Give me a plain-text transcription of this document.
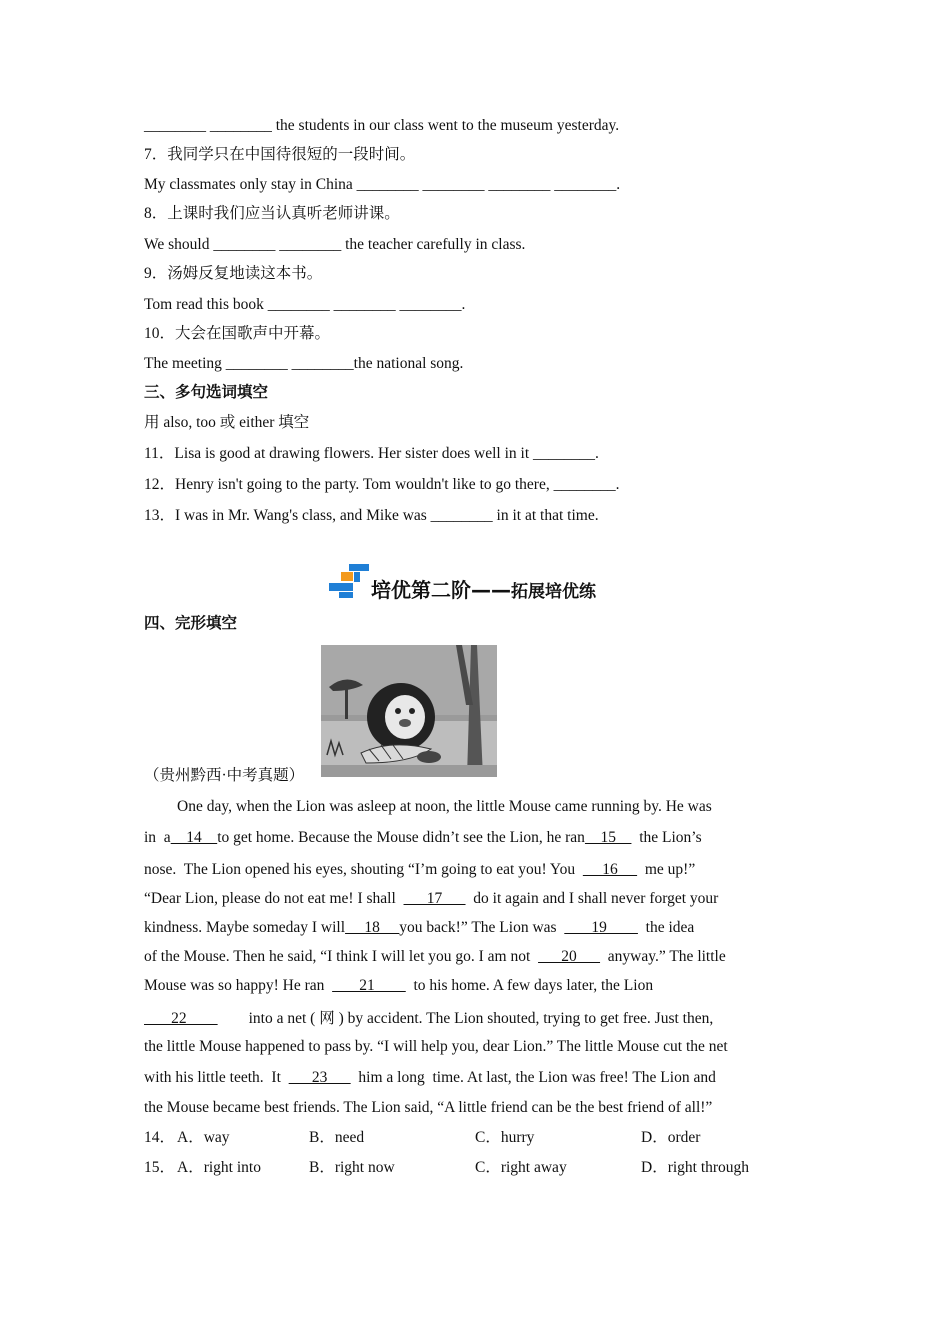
________ ________ the students in our class went to the museum yesterday.
7．我同学只在中国待很短的一段时间。
My classmates only stay in China ________ ________ ________ ________.
8．上课时我们应当认真听老师讲课。
We should ________ ________ the teacher carefully in class.
9．汤姆反复地读这本书。
Tom read this book ________ ________ ________.
10．大会在国歌声中开幕。
The meeting ________ ________the national song.
三、多句选词填空
用 also, too 或 either 填空
11．Lisa is good at drawing flowers. Her sister does well in it ________.
12．Henry isn't going to the party. Tom wouldn't like to go there, ________.
13．I was in Mr. Wang's class, and Mike was ________ in it at that time.
培优第二阶——拓展培优练
四、完形填空
（贵州黔西·中考真题）
One day, when the Lion was asleep at noon, the little Mouse came running by. He was
in  a    14    to get home. Because the Mouse didn’t see the Lion, he ran    15      the Lion’s
nose.  The Lion opened his eyes, shouting “I’m going to eat you! You       16       me up!”
“Dear Lion, please do not eat me! I shall        17        do it again and I shall never forget your
kindness. Maybe someday I will     18     you back!” The Lion was         19          the idea
of the Mouse. Then he said, “I think I will let you go. I am not        20        anyway.” The little
Mouse was so happy! He ran         21          to his home. A few days later, the Lion
22                into a net ( 网 ) by accident. The Lion shouted, trying to get free. Just then,
the little Mouse happened to pass by. “I will help you, dear Lion.” The little Mouse cut the net
with his little teeth.  It        23        him a long  time. At last, the Lion was free! The Lion and
the Mouse became best friends. The Lion said, “A little friend can be the best friend of all!”
14． A．way	B．need	C．hurry	D．order
15． A．right into	B．right now	C．right away	D．right through
